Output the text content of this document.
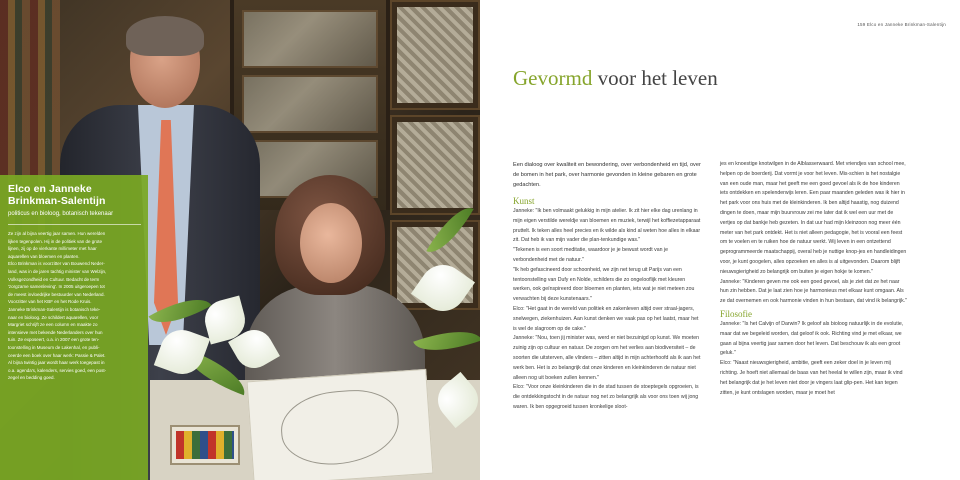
Elco en Janneke
Brinkman-Salentijn
politicus en bioloog, botanisch tekenaar

Ze zijn al bijna veertig jaar samen. Hun werelden

lijken tegenpolen. Hij in de politiek van de grote

lijnen, zij op de vierkante millimeter met haar

aquarellen van bloemen en planten.

Elco Brinkman is voorzitter van Bouwend Neder-

land, was in de jaren tachtig minister van Welzijn,

Volksgezondheid en Cultuur. Bedacht de term

'zorgzame samenleving'. In 2005 uitgeroepen tot

de meest invloedrijke bestuurder van Nederland.

Voorzitter van het KBF en het Rode Kruis.

Janneke Brinkman-Salentijn is botanisch teke-

naar en bioloog. Ze schildert aquarellen, voor

Margriet schrijft ze een column en maakte zo

intensieve met bekende Nederlanders over hun

tuin. Ze exposeert, o.a. in 2007 een grote ten-

toonstelling in Museum de Lakenhal, en publi-

ceerde een boek over haar werk: Passie & Palet.

Al bijna twintig jaar wordt haar werk toegepast in

o.a. agenda's, kalenders, servies goed, een post-

zegel en bedding goed.

159 Elco en Janneke Brinkman-Salentijn
Gevormd voor het leven

Een dialoog over kwaliteit en bewondering, over verbondenheid en tijd, over de bomen in het park, over harmonie gevonden in kleine gebaren en grote gedachten.

Kunst

Janneke: "Ik ben volmaakt gelukkig in mijn atelier. Ik zit hier elke dag urenlang in mijn eigen verstilde wereldje van bloemen en muziek, terwijl het koffiezetapparaat pruttelt. Ik teken alles heel precies en ik wilde als kind al weten hoe alles in elkaar zit. Dat heb ik van mijn vader die plan-tenkundige was."

"Tekenen is een soort meditatie, waardoor je je bewust wordt van je verbondenheid met de natuur."

"Ik heb gefascineerd door schoonheid, we zijn net terug uit Parijs van een tentoonstelling van Dufy en Nolde, schilders die zo ongelooflijk met kleuren werken, ook geïnspireerd door bloemen en planten, iets wat je niet meteen zou verwachten bij deze kunstenaars."

Elco: "Het gaat in de wereld van politiek en zakenleven altijd over straal-jagers, snelwegen, ziekenhuizen. Aan kunst denken we vaak pas op het laatst, maar het is wel de slagroom op de cake."

Janneke: "Nou, toen jij minister was, werd er niet bezuinigd op kunst. We moeten zuinig zijn op cultuur en natuur. De zorgen om het verlies aan biodiversiteit – de soorten die uitsterven, alle vlinders – zitten altijd in mijn achterhoofd als ik aan het werk ben. Het is zo belangrijk dat onze kinderen en kleinkinderen de natuur niet alleen nog uit boeken zullen kennen."

Elco: "Voor onze kleinkinderen die in de stad tussen de stoeptegels opgroeien, is die ontdekkingstocht in de natuur nog net zo belangrijk als voor ons toen wij jong waren. Ik ben opgegroeid tussen kronkelige sloot-

jes en knoestige knotwilgen in de Alblasserwaard. Met vriendjes van school mee, helpen op de boerderij. Dat vormt je voor het leven. Mis-schien is het nostalgie van een oude man, maar het geeft me een goed gevoel als ik de hoe kinderen iets ontdekken en spelenderwijs leren. Een paar maanden geleden was ik hier in het park voor ons huis met de kleinkinderen. Ik ben altijd haastig, nog duizend dingen te doen, maar mijn buurvrouw zei me later dat ik wel een uur met de vertjes op dat bankje heb gezeten. In dat uur had mijn kleinzoon nog meer één meter van het park ontdekt. Het is niet alleen pedagogie, het is vooral een feest om te voelen en te ruiken hoe de natuur werkt. Wij leven in een ontzettend geprogrammeerde maatschappij, overal heb je nuttige knop-jes en handleidingen voor, je kunt googelen, alles opzoeken en alles is al uitgevonden. Daarom blijft nieuwsgierigheid zo belangrijk om buiten je eigen hokje te komen."

Janneke: "Kinderen geven me ook een goed gevoel, als je ziet dat ze het naar hun zin hebben. Dat je laat zien hoe je harmonieus met elkaar kunt omgaan. Als ze dat overnemen en ook harmonie vinden in hun bestaan, dat vind ik belangrijk."

Filosofie

Janneke: "Is het Calvijn of Darwin? Ik geloof als bioloog natuurlijk in de evolutie, maar dat we begeleid worden, dat geloof ik ook. Richting vind je met elkaar, we gaan al bijna veertig jaar samen door het leven. Dat beschouw ik als een groot geluk."

Elco: "Naast nieuwsgierigheid, ambitie, geeft een zeker doel in je leven mij richting. Je hoeft niet allemaal de baas van het heelal te willen zijn, maar ik vind het belangrijk dat je het leven niet door je vingers laat glip-pen. Het kan tegen zitten, je kunt ontslagen worden, maar je moet het
